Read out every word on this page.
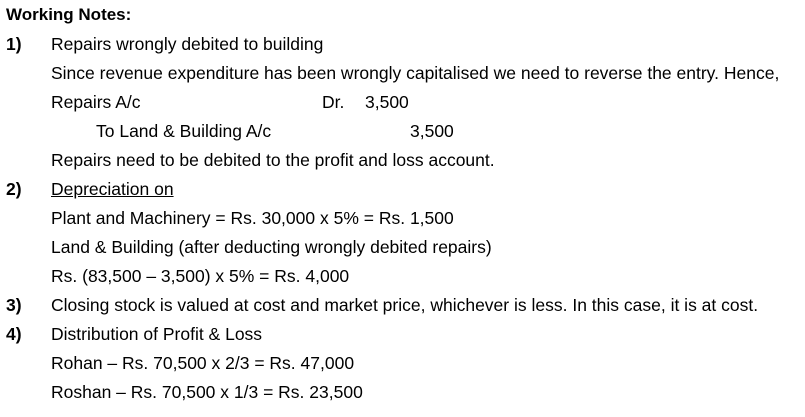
Working Notes:
1) Repairs wrongly debited to building
Since revenue expenditure has been wrongly capitalised we need to reverse the entry. Hence,
Repairs A/c	Dr. 3,500
To Land & Building A/c	3,500
Repairs need to be debited to the profit and loss account.
2) Depreciation on
Plant and Machinery = Rs. 30,000 x 5% = Rs. 1,500
Land & Building (after deducting wrongly debited repairs)
Rs. (83,500 – 3,500) x 5% = Rs. 4,000
3) Closing stock is valued at cost and market price, whichever is less. In this case, it is at cost.
4) Distribution of Profit & Loss
Rohan – Rs. 70,500 x 2/3 = Rs. 47,000
Roshan – Rs. 70,500 x 1/3 = Rs. 23,500
